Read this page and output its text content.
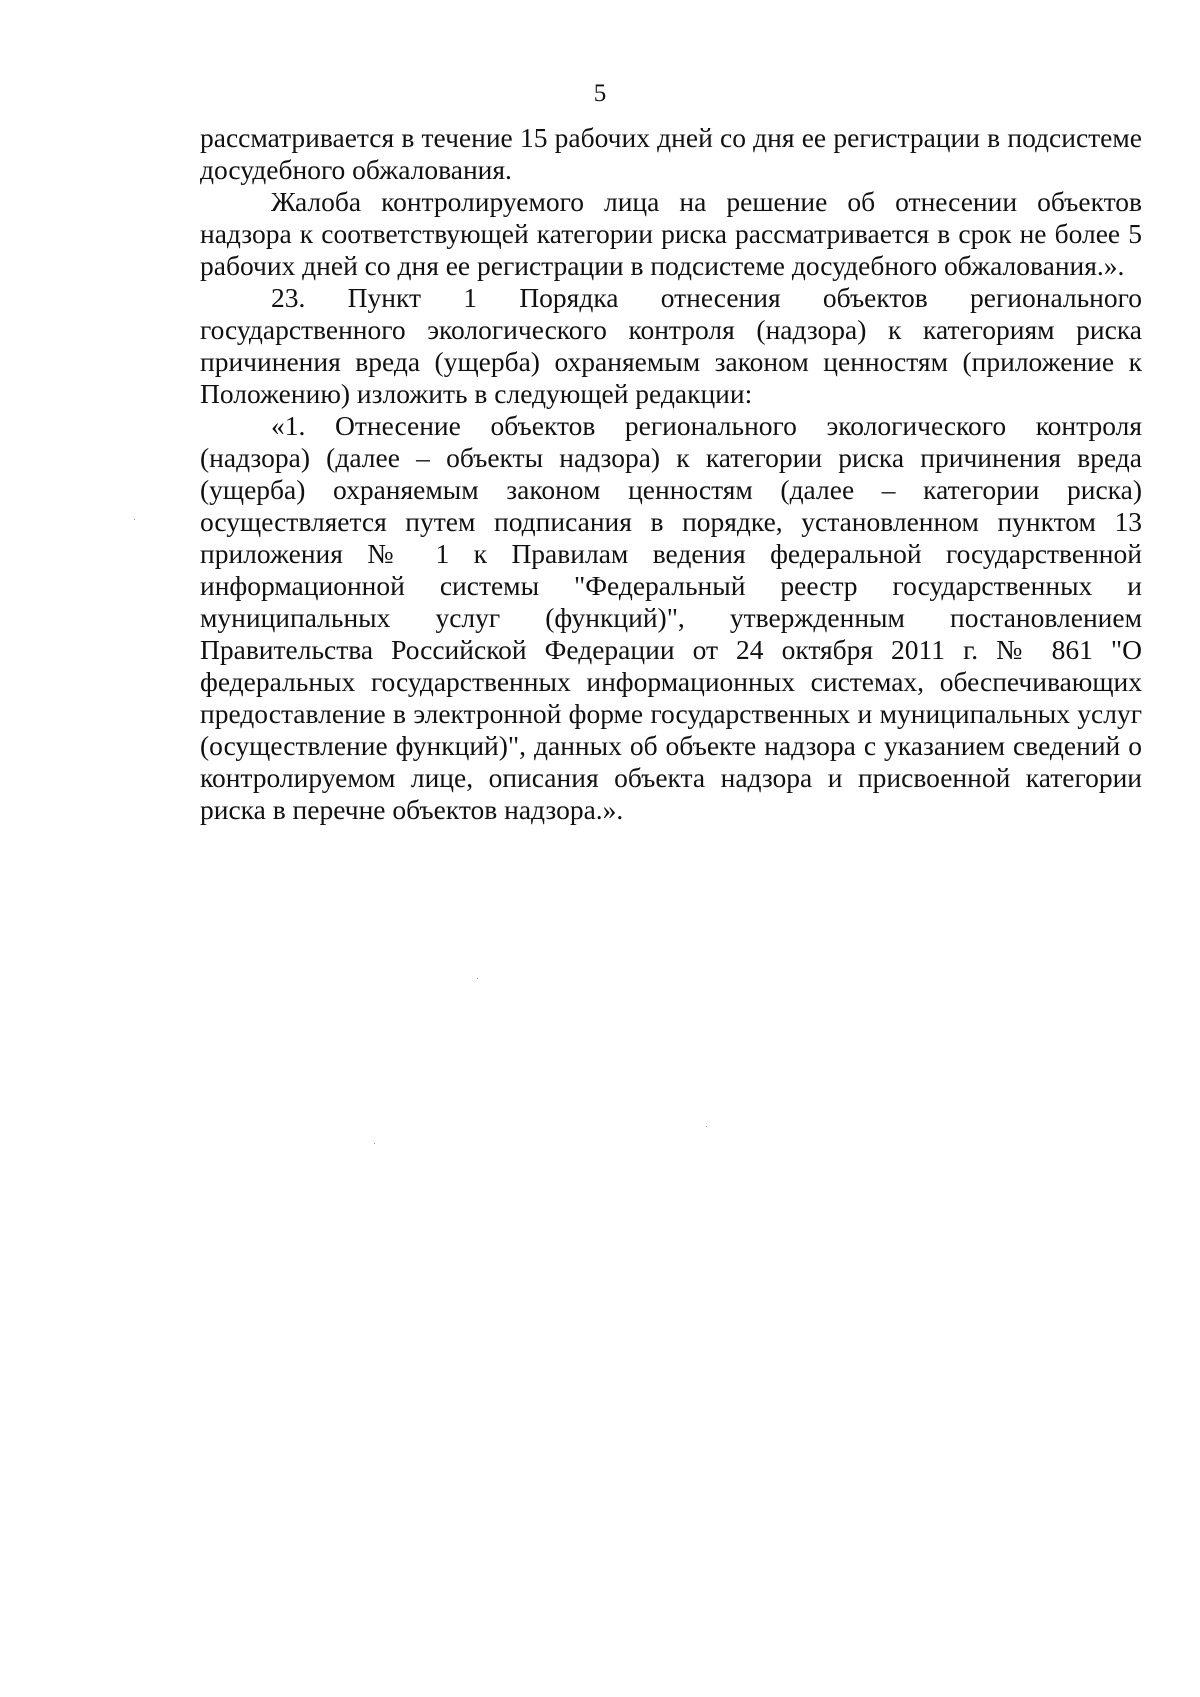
5

рассматривается в течение 15 рабочих дней со дня ее регистрации в подсистеме досудебного обжалования.

Жалоба контролируемого лица на решение об отнесении объектов надзора к соответствующей категории риска рассматривается в срок не более 5 рабочих дней со дня ее регистрации в подсистеме досудебного обжалования.».

23. Пункт 1 Порядка отнесения объектов регионального государственного экологического контроля (надзора) к категориям риска причинения вреда (ущерба) охраняемым законом ценностям (приложение к Положению) изложить в следующей редакции:

«1. Отнесение объектов регионального экологического контроля (надзора) (далее – объекты надзора) к категории риска причинения вреда (ущерба) охраняемым законом ценностям (далее – категории риска) осуществляется путем подписания в порядке, установленном пунктом 13 приложения № 1 к Правилам ведения федеральной государственной информационной системы "Федеральный реестр государственных и муниципальных услуг (функций)", утвержденным постановлением Правительства Российской Федерации от 24 октября 2011 г. № 861 "О федеральных государственных информационных системах, обеспечивающих предоставление в электронной форме государственных и муниципальных услуг (осуществление функций)", данных об объекте надзора с указанием сведений о контролируемом лице, описания объекта надзора и присвоенной категории риска в перечне объектов надзора.».
